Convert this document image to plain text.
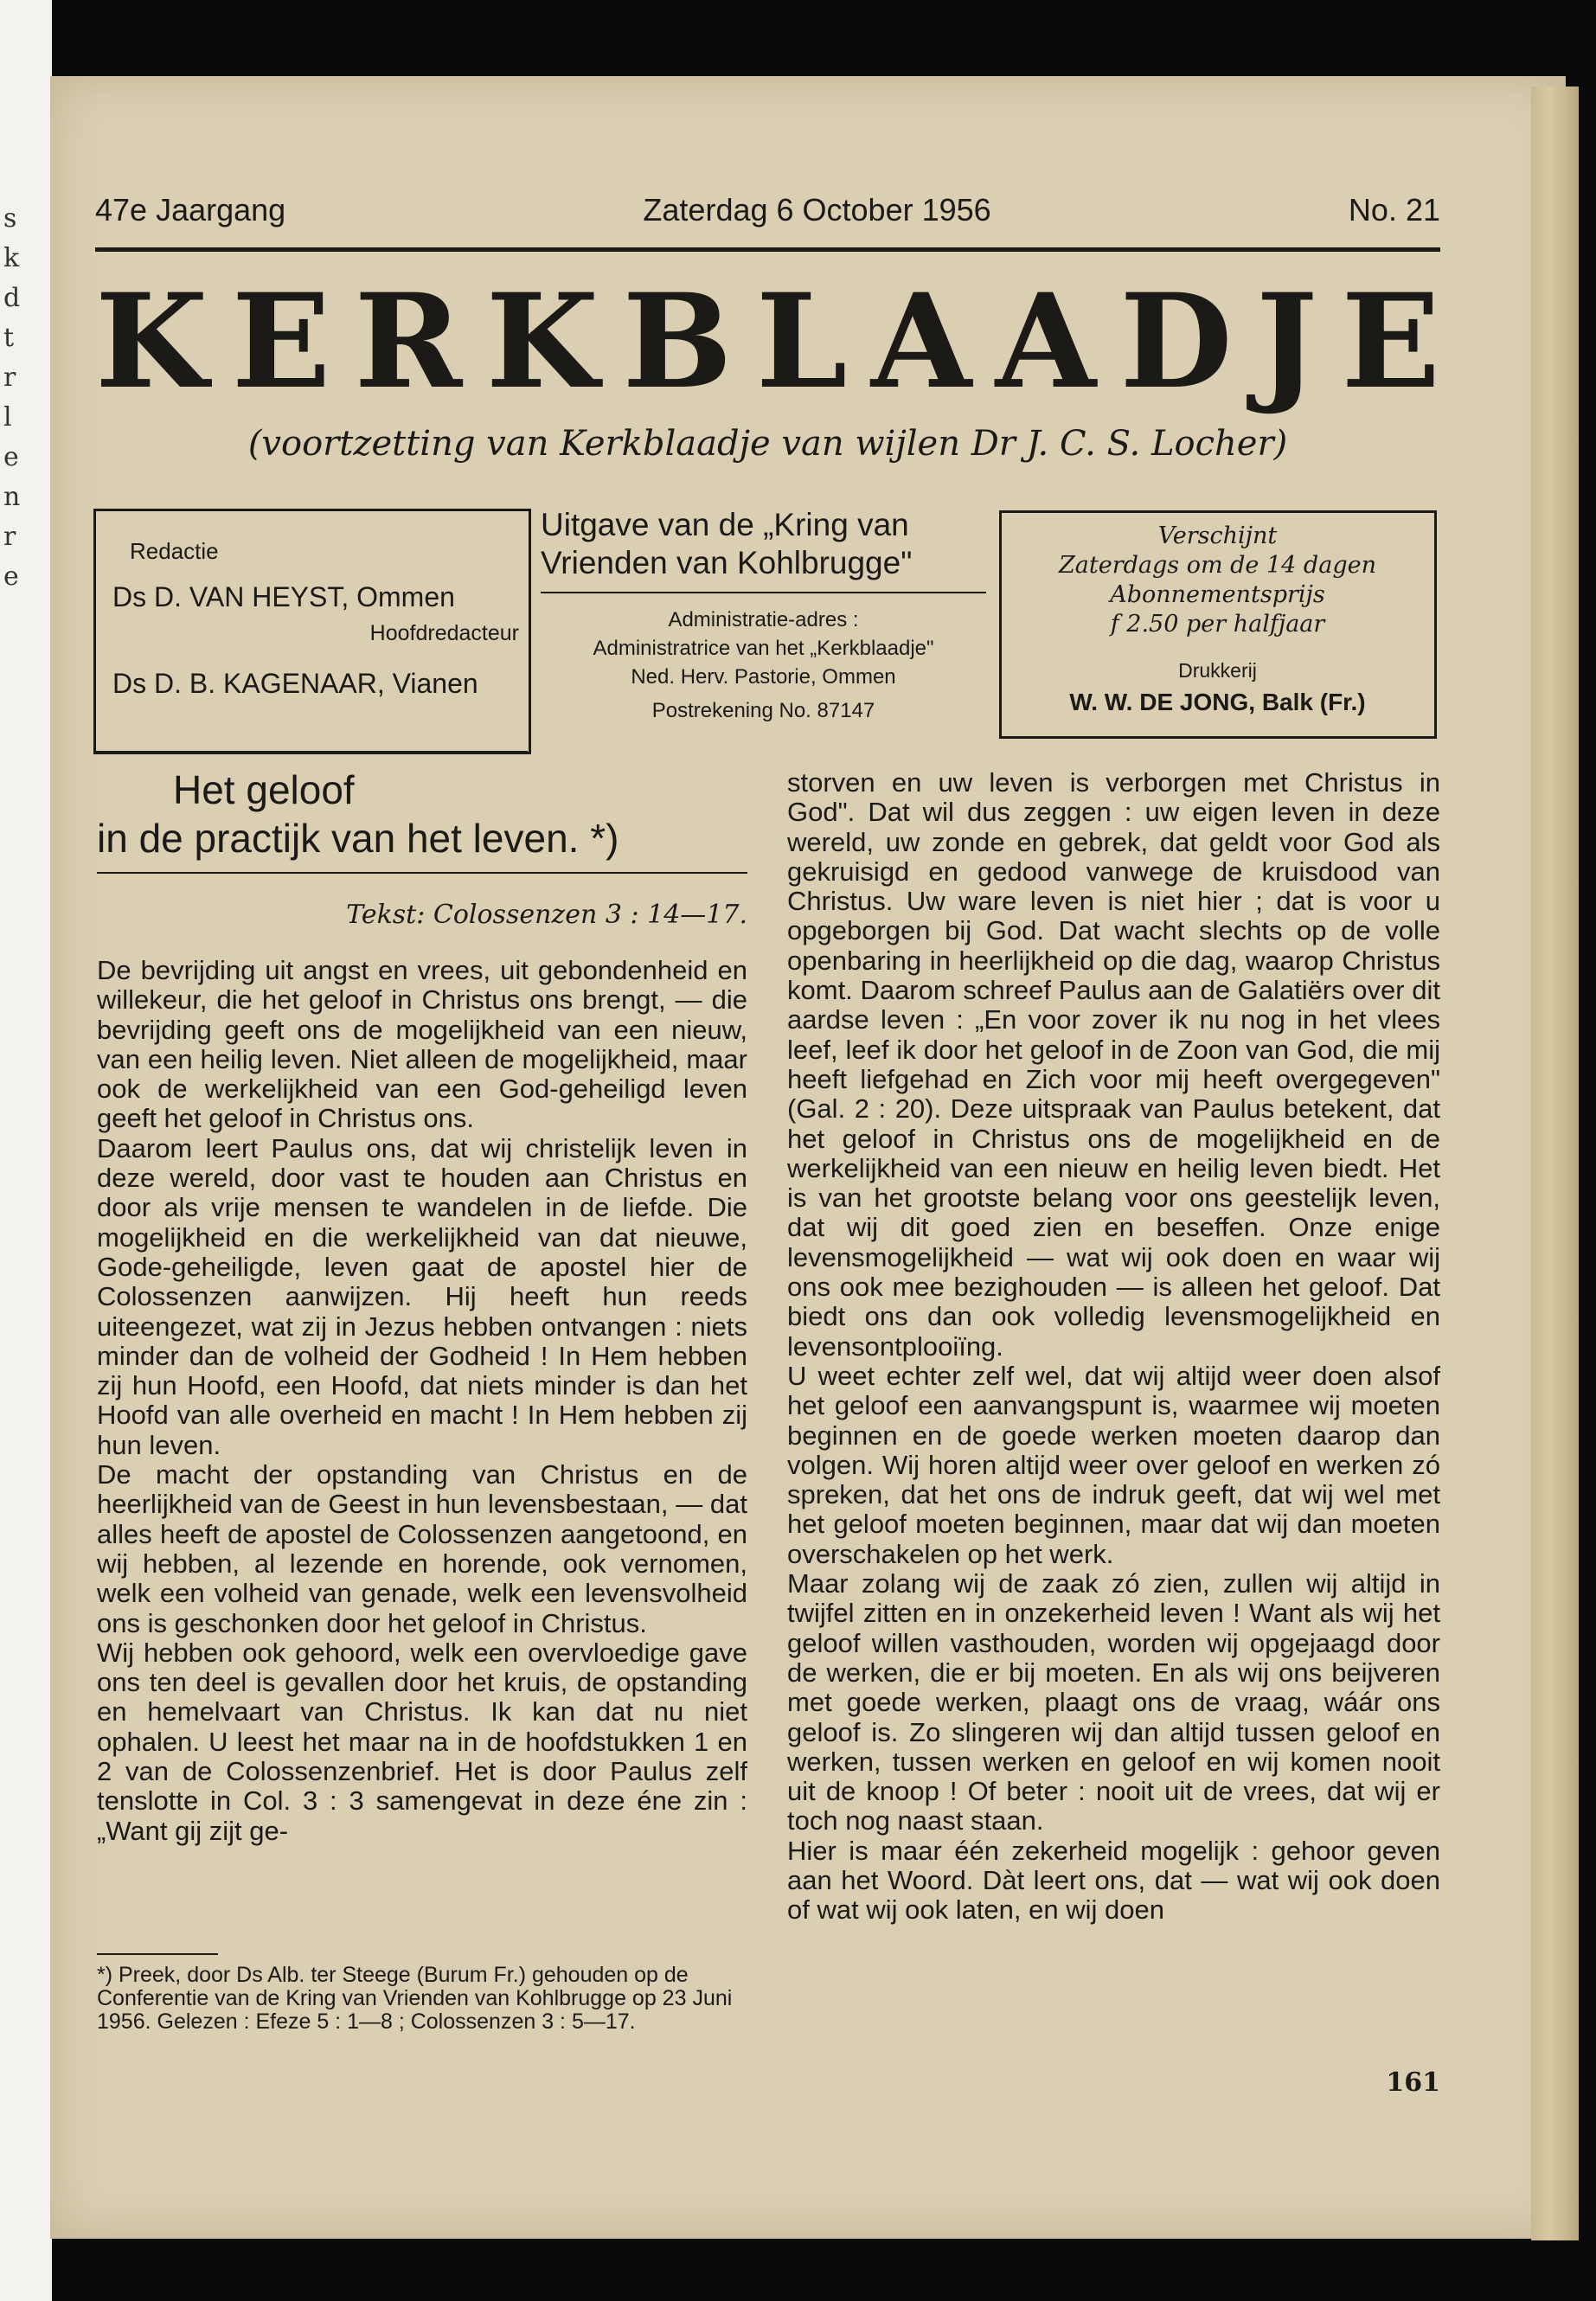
s
k
d
t
r
l
e
n
r
e
47e Jaargang	Zaterdag 6 October 1956	No. 21
K E R K B L A A D J E
(voortzetting van Kerkblaadje van wijlen Dr J. C. S. Locher)
Redactie
Ds D. VAN HEYST, Ommen
Hoofdredacteur
Ds D. B. KAGENAAR, Vianen
Uitgave van de „Kring van
Vrienden van Kohlbrugge"
Administratie-adres :
Administratrice van het „Kerkblaadje"
Ned. Herv. Pastorie, Ommen
Postrekening No. 87147
Verschijnt
Zaterdags om de 14 dagen
Abonnementsprijs
f 2.50 per halfjaar
Drukkerij
W. W. DE JONG, Balk (Fr.)
Het geloof
in de practijk van het leven. *)
Tekst: Colossenzen 3 : 14—17.

De bevrijding uit angst en vrees, uit gebondenheid en willekeur, die het geloof in Christus ons brengt, — die bevrijding geeft ons de mogelijkheid van een nieuw, van een heilig leven. Niet alleen de mogelijkheid, maar ook de werkelijkheid van een God-geheiligd leven geeft het geloof in Christus ons.

Daarom leert Paulus ons, dat wij christelijk leven in deze wereld, door vast te houden aan Christus en door als vrije mensen te wandelen in de liefde. Die mogelijkheid en die werkelijkheid van dat nieuwe, Gode-geheiligde, leven gaat de apostel hier de Colossenzen aanwijzen. Hij heeft hun reeds uiteengezet, wat zij in Jezus hebben ontvangen : niets minder dan de volheid der Godheid ! In Hem hebben zij hun Hoofd, een Hoofd, dat niets minder is dan het Hoofd van alle overheid en macht ! In Hem hebben zij hun leven.

De macht der opstanding van Christus en de heerlijkheid van de Geest in hun levensbestaan, — dat alles heeft de apostel de Colossenzen aangetoond, en wij hebben, al lezende en horende, ook vernomen, welk een volheid van genade, welk een levensvolheid ons is geschonken door het geloof in Christus.

Wij hebben ook gehoord, welk een overvloedige gave ons ten deel is gevallen door het kruis, de opstanding en hemelvaart van Christus. Ik kan dat nu niet ophalen. U leest het maar na in de hoofdstukken 1 en 2 van de Colossenzenbrief. Het is door Paulus zelf tenslotte in Col. 3 : 3 samengevat in deze éne zin : „Want gij zijt ge-

*) Preek, door Ds Alb. ter Steege (Burum Fr.) gehouden op de Conferentie van de Kring van Vrienden van Kohlbrugge op 23 Juni 1956. Gelezen : Efeze 5 : 1—8 ; Colossenzen 3 : 5—17.

storven en uw leven is verborgen met Christus in God". Dat wil dus zeggen : uw eigen leven in deze wereld, uw zonde en gebrek, dat geldt voor God als gekruisigd en gedood vanwege de kruisdood van Christus. Uw ware leven is niet hier ; dat is voor u opgeborgen bij God. Dat wacht slechts op de volle openbaring in heerlijkheid op die dag, waarop Christus komt. Daarom schreef Paulus aan de Galatiërs over dit aardse leven : „En voor zover ik nu nog in het vlees leef, leef ik door het geloof in de Zoon van God, die mij heeft liefgehad en Zich voor mij heeft overgegeven" (Gal. 2 : 20). Deze uitspraak van Paulus betekent, dat het geloof in Christus ons de mogelijkheid en de werkelijkheid van een nieuw en heilig leven biedt. Het is van het grootste belang voor ons geestelijk leven, dat wij dit goed zien en beseffen. Onze enige levensmogelijkheid — wat wij ook doen en waar wij ons ook mee bezighouden — is alleen het geloof. Dat biedt ons dan ook volledig levensmogelijkheid en levensontplooiïng.

U weet echter zelf wel, dat wij altijd weer doen alsof het geloof een aanvangspunt is, waarmee wij moeten beginnen en de goede werken moeten daarop dan volgen. Wij horen altijd weer over geloof en werken zó spreken, dat het ons de indruk geeft, dat wij wel met het geloof moeten beginnen, maar dat wij dan moeten overschakelen op het werk.

Maar zolang wij de zaak zó zien, zullen wij altijd in twijfel zitten en in onzekerheid leven ! Want als wij het geloof willen vasthouden, worden wij opgejaagd door de werken, die er bij moeten. En als wij ons beijveren met goede werken, plaagt ons de vraag, wáár ons geloof is. Zo slingeren wij dan altijd tussen geloof en werken, tussen werken en geloof en wij komen nooit uit de knoop ! Of beter : nooit uit de vrees, dat wij er toch nog naast staan.

Hier is maar één zekerheid mogelijk : gehoor geven aan het Woord. Dàt leert ons, dat — wat wij ook doen of wat wij ook laten, en wij doen

161
